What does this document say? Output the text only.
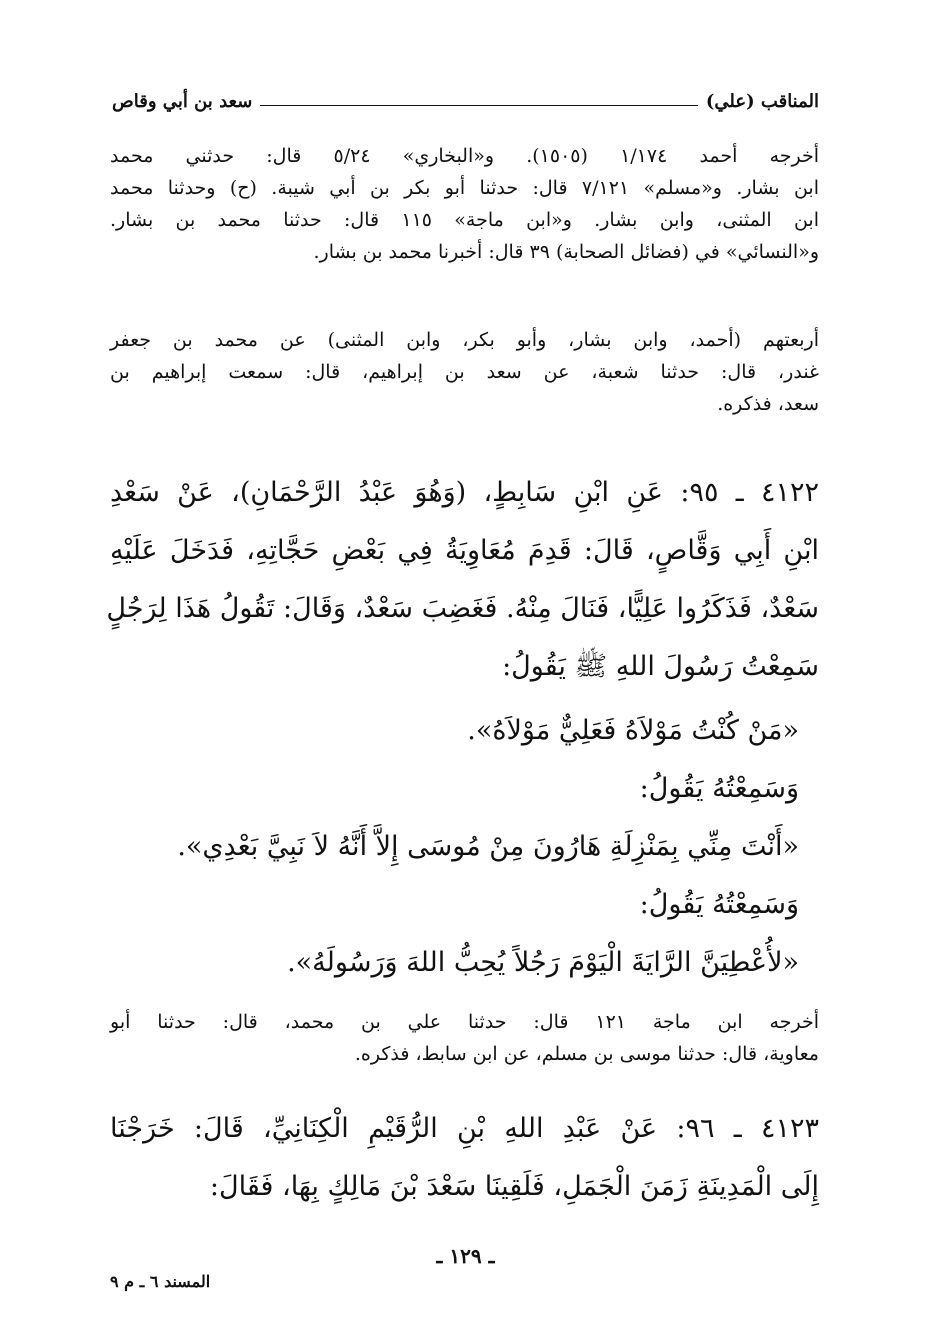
المناقب (علي)
سعد بن أبي وقاص
أخرجه أحمد ١/١٧٤ (١٥٠٥). و«البخاري» ٥/٢٤ قال: حدثني محمد
ابن بشار. و«مسلم» ٧/١٢١ قال: حدثنا أبو بكر بن أبي شيبة. (ح) وحدثنا محمد
ابن المثنى، وابن بشار. و«ابن ماجة» ١١٥ قال: حدثنا محمد بن بشار.
و«النسائي» في (فضائل الصحابة) ٣٩ قال: أخبرنا محمد بن بشار.
أربعتهم (أحمد، وابن بشار، وأبو بكر، وابن المثنى) عن محمد بن جعفر
غندر، قال: حدثنا شعبة، عن سعد بن إبراهيم، قال: سمعت إبراهيم بن
سعد، فذكره.
٤١٢٢ ـ ٩٥: عَنِ ابْنِ سَابِطٍ، (وَهُوَ عَبْدُ الرَّحْمَانِ)، عَنْ سَعْدِ
ابْنِ أَبِي وَقَّاصٍ، قَالَ: قَدِمَ مُعَاوِيَةُ فِي بَعْضِ حَجَّاتِهِ، فَدَخَلَ عَلَيْهِ
سَعْدٌ، فَذَكَرُوا عَلِيًّا، فَنَالَ مِنْهُ. فَغَضِبَ سَعْدٌ، وَقَالَ: تَقُولُ هَذَا لِرَجُلٍ
سَمِعْتُ رَسُولَ اللهِ ﷺ يَقُولُ:
«مَنْ كُنْتُ مَوْلاَهُ فَعَلِيٌّ مَوْلاَهُ».
وَسَمِعْتُهُ يَقُولُ:
«أَنْتَ مِنِّي بِمَنْزِلَةِ هَارُونَ مِنْ مُوسَى إِلاَّ أَنَّهُ لاَ نَبِيَّ بَعْدِي».
وَسَمِعْتُهُ يَقُولُ:
«لأُعْطِيَنَّ الرَّايَةَ الْيَوْمَ رَجُلاً يُحِبُّ اللهَ وَرَسُولَهُ».
أخرجه ابن ماجة ١٢١ قال: حدثنا علي بن محمد، قال: حدثنا أبو
معاوية، قال: حدثنا موسى بن مسلم، عن ابن سابط، فذكره.
٤١٢٣ ـ ٩٦: عَنْ عَبْدِ اللهِ بْنِ الرُّقَيْمِ الْكِنَانِيِّ، قَالَ: خَرَجْنَا
إِلَى الْمَدِينَةِ زَمَنَ الْجَمَلِ، فَلَقِينَا سَعْدَ بْنَ مَالِكٍ بِهَا، فَقَالَ:
ـ ١٢٩ ـ
المسند ٦ ـ م ٩
